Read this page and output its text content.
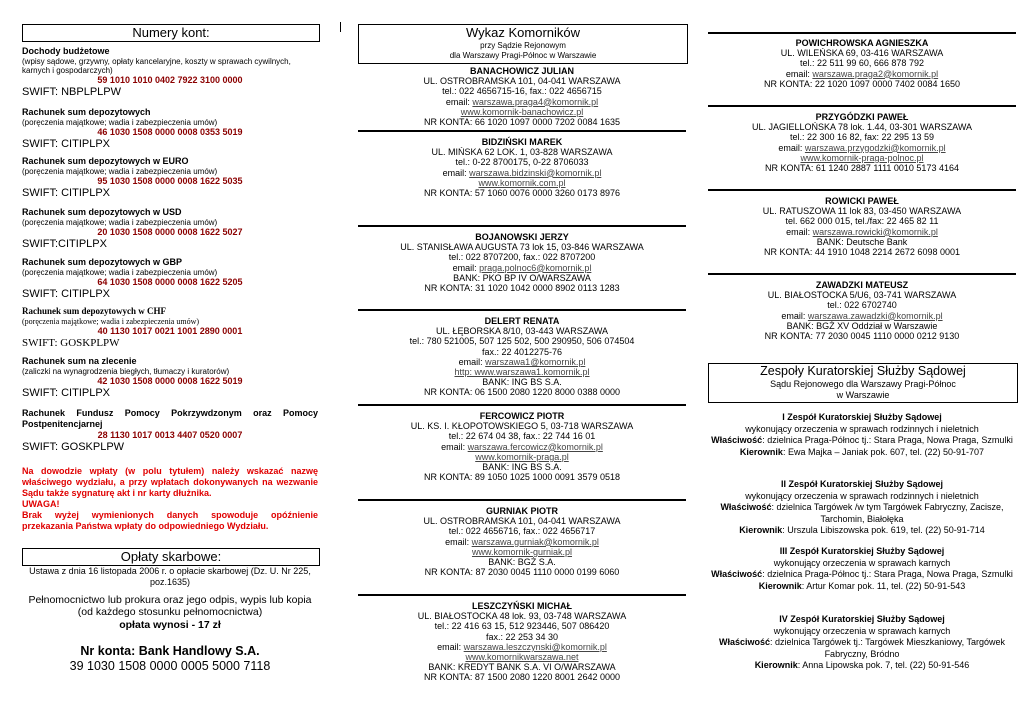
Numery kont:
Dochody budżetowe
(wpisy sądowe, grzywny, opłaty kancelaryjne, koszty w sprawach cywilnych, karnych i gospodarczych)
59 1010 1010 0402 7922 3100 0000
SWIFT: NBPLPLPW
Rachunek sum depozytowych
(poręczenia majątkowe; wadia i zabezpieczenia umów)
46 1030 1508 0000 0008 0353 5019
SWIFT: CITIPLPX
Rachunek sum depozytowych w EURO
(poręczenia majątkowe; wadia i zabezpieczenia umów)
95 1030 1508 0000 0008 1622 5035
SWIFT: CITIPLPX
Rachunek sum depozytowych w USD
(poręczenia majątkowe; wadia i zabezpieczenia umów)
20 1030 1508 0000 0008 1622 5027
SWIFT:CITIPLPX
Rachunek sum depozytowych w GBP
(poręczenia majątkowe; wadia i zabezpieczenia umów)
64 1030 1508 0000 0008 1622 5205
SWIFT: CITIPLPX
Rachunek sum depozytowych w CHF
(poręczenia majątkowe; wadia i zabezpieczenia umów)
40 1130 1017 0021 1001 2890 0001
SWIFT: GOSKPLPW
Rachunek sum na zlecenie
(zaliczki na wynagrodzenia biegłych, tłumaczy i kuratorów)
42 1030 1508 0000 0008 1622 5019
SWIFT: CITIPLPX
Rachunek Fundusz Pomocy Pokrzywdzonym oraz Pomocy Postpenitencjarnej
28 1130 1017 0013 4407 0520 0007
SWIFT: GOSKPLPW
Na dowodzie wpłaty (w polu tytułem) należy wskazać nazwę właściwego wydziału, a przy wpłatach dokonywanych na wezwanie Sądu także sygnaturę akt i nr karty dłużnika.
UWAGA!
Brak wyżej wymienionych danych spowoduje opóźnienie przekazania Państwa wpłaty do odpowiedniego Wydziału.
Opłaty skarbowe:
Ustawa z dnia 16 listopada 2006 r. o opłacie skarbowej (Dz. U. Nr 225, poz.1635)
Pełnomocnictwo lub prokura oraz jego odpis, wypis lub kopia (od każdego stosunku pełnomocnictwa)
opłata wynosi - 17 zł
Nr konta: Bank Handlowy S.A.
39 1030 1508 0000 0005 5000 7118
Wykaz Komorników
przy Sądzie Rejonowym
dla Warszawy Pragi-Północ w Warszawie
BANACHOWICZ JULIAN
UL. OSTROBRAMSKA 101, 04-041 WARSZAWA
tel.: 022 4656715-16, fax.: 022 4656715
email: warszawa.praga4@komornik.pl
www.komornik-banachowicz.pl
NR KONTA: 66 1020 1097 0000 7202 0084 1635
BIDZIŃSKI MAREK
UL. MIŃSKA 62 LOK. 1, 03-828 WARSZAWA
tel.: 0-22 8700175, 0-22 8706033
email: warszawa.bidzinski@komornik.pl
www.komornik.com.pl
NR KONTA: 57 1060 0076 0000 3260 0173 8976
BOJANOWSKI JERZY
UL. STANISŁAWA AUGUSTA 73 lok 15, 03-846 WARSZAWA
tel.: 022 8707200, fax.: 022 8707200
email: praga.polnoc6@komornik.pl
BANK: PKO BP IV O/WARSZAWA
NR KONTA: 31 1020 1042 0000 8902 0113 1283
DELERT RENATA
UL. ŁĘBORSKA 8/10, 03-443 WARSZAWA
tel.: 780 521005, 507 125 502, 500 290950, 506 074504
fax.: 22 4012275-76
email: warszawa1@komornik.pl
http: www.warszawa1.komornik.pl
BANK: ING BS S.A.
NR KONTA: 06 1500 2080 1220 8000 0388 0000
FERCOWICZ PIOTR
UL. KS. I. KŁOPOTOWSKIEGO 5, 03-718 WARSZAWA
tel.: 22 674 04 38, fax.: 22 744 16 01
email: warszawa.fercowicz@komornik.pl
www.komornik-praga.pl
BANK: ING BS S.A.
NR KONTA: 89 1050 1025 1000 0091 3579 0518
GURNIAK PIOTR
UL. OSTROBRAMSKA 101, 04-041 WARSZAWA
tel.: 022 4656716, fax.: 022 4656717
email: warszawa.gurniak@komornik.pl
www.komornik-gurniak.pl
BANK: BGŻ S.A.
NR KONTA: 87 2030 0045 1110 0000 0199 6060
LESZCZYŃSKI MICHAŁ
UL. BIAŁOSTOCKA 48 lok. 93, 03-748 WARSZAWA
tel.: 22 416 63 15, 512 923446, 507 086420
fax.: 22 253 34 30
email: warszawa.leszczynski@komornik.pl
www.komornikwarszawa.net
BANK: KREDYT BANK S.A. VI O/WARSZAWA
NR KONTA: 87 1500 2080 1220 8001 2642 0000
Zespoły Kuratorskiej Służby Sądowej
Sądu Rejonowego dla Warszawy Pragi-Północ
w Warszawie
POWICHROWSKA AGNIESZKA
UL. WILEŃSKA 69, 03-416 WARSZAWA
tel.: 22 511 99 60, 666 878 792
email: warszawa.praga2@komornik.pl
NR KONTA: 22 1020 1097 0000 7402 0084 1650
PRZYGÓDZKI PAWEŁ
UL. JAGIELLOŃSKA 78 lok. 1.44, 03-301 WARSZAWA
tel.: 22 300 16 82, fax: 22 295 13 59
email: warszawa.przygodzki@komornik.pl
www.komornik-praga-polnoc.pl
NR KONTA: 61 1240 2887 1111 0010 5173 4164
ROWICKI PAWEŁ
UL. RATUSZOWA 11 lok 83, 03-450 WARSZAWA
tel. 662 000 015, tel./fax: 22 465 82 11
email: warszawa.rowicki@komornik.pl
BANK: Deutsche Bank
NR KONTA: 44 1910 1048 2214 2672 6098 0001
ZAWADZKI MATEUSZ
UL. BIAŁOSTOCKA 5/U6, 03-741 WARSZAWA
tel.: 022 6702740
email: warszawa.zawadzki@komornik.pl
BANK: BGŻ XV Oddział w Warszawie
NR KONTA: 77 2030 0045 1110 0000 0212 9130
I Zespół Kuratorskiej Służby Sądowej
wykonujący orzeczenia w sprawach rodzinnych i nieletnich
Właściwość: dzielnica Praga-Północ tj.: Stara Praga, Nowa Praga, Szmulki
Kierownik: Ewa Majka – Janiak pok. 607, tel. (22) 50-91-707
II Zespół Kuratorskiej Służby Sądowej
wykonujący orzeczenia w sprawach rodzinnych i nieletnich
Właściwość: dzielnica Targówek /w tym Targówek Fabryczny, Zacisze, Tarchomin, Białołęka
Kierownik: Urszula Libiszowska pok. 619, tel. (22) 50-91-714
III Zespół Kuratorskiej Służby Sądowej
wykonujący orzeczenia w sprawach karnych
Właściwość: dzielnica Praga-Północ tj.: Stara Praga, Nowa Praga, Szmulki
Kierownik: Artur Komar pok. 11, tel. (22) 50-91-543
IV Zespół Kuratorskiej Służby Sądowej
wykonujący orzeczenia w sprawach karnych
Właściwość: dzielnica Targówek tj.: Targówek Mieszkaniowy, Targówek Fabryczny, Bródno
Kierownik: Anna Lipowska pok. 7, tel. (22) 50-91-546
